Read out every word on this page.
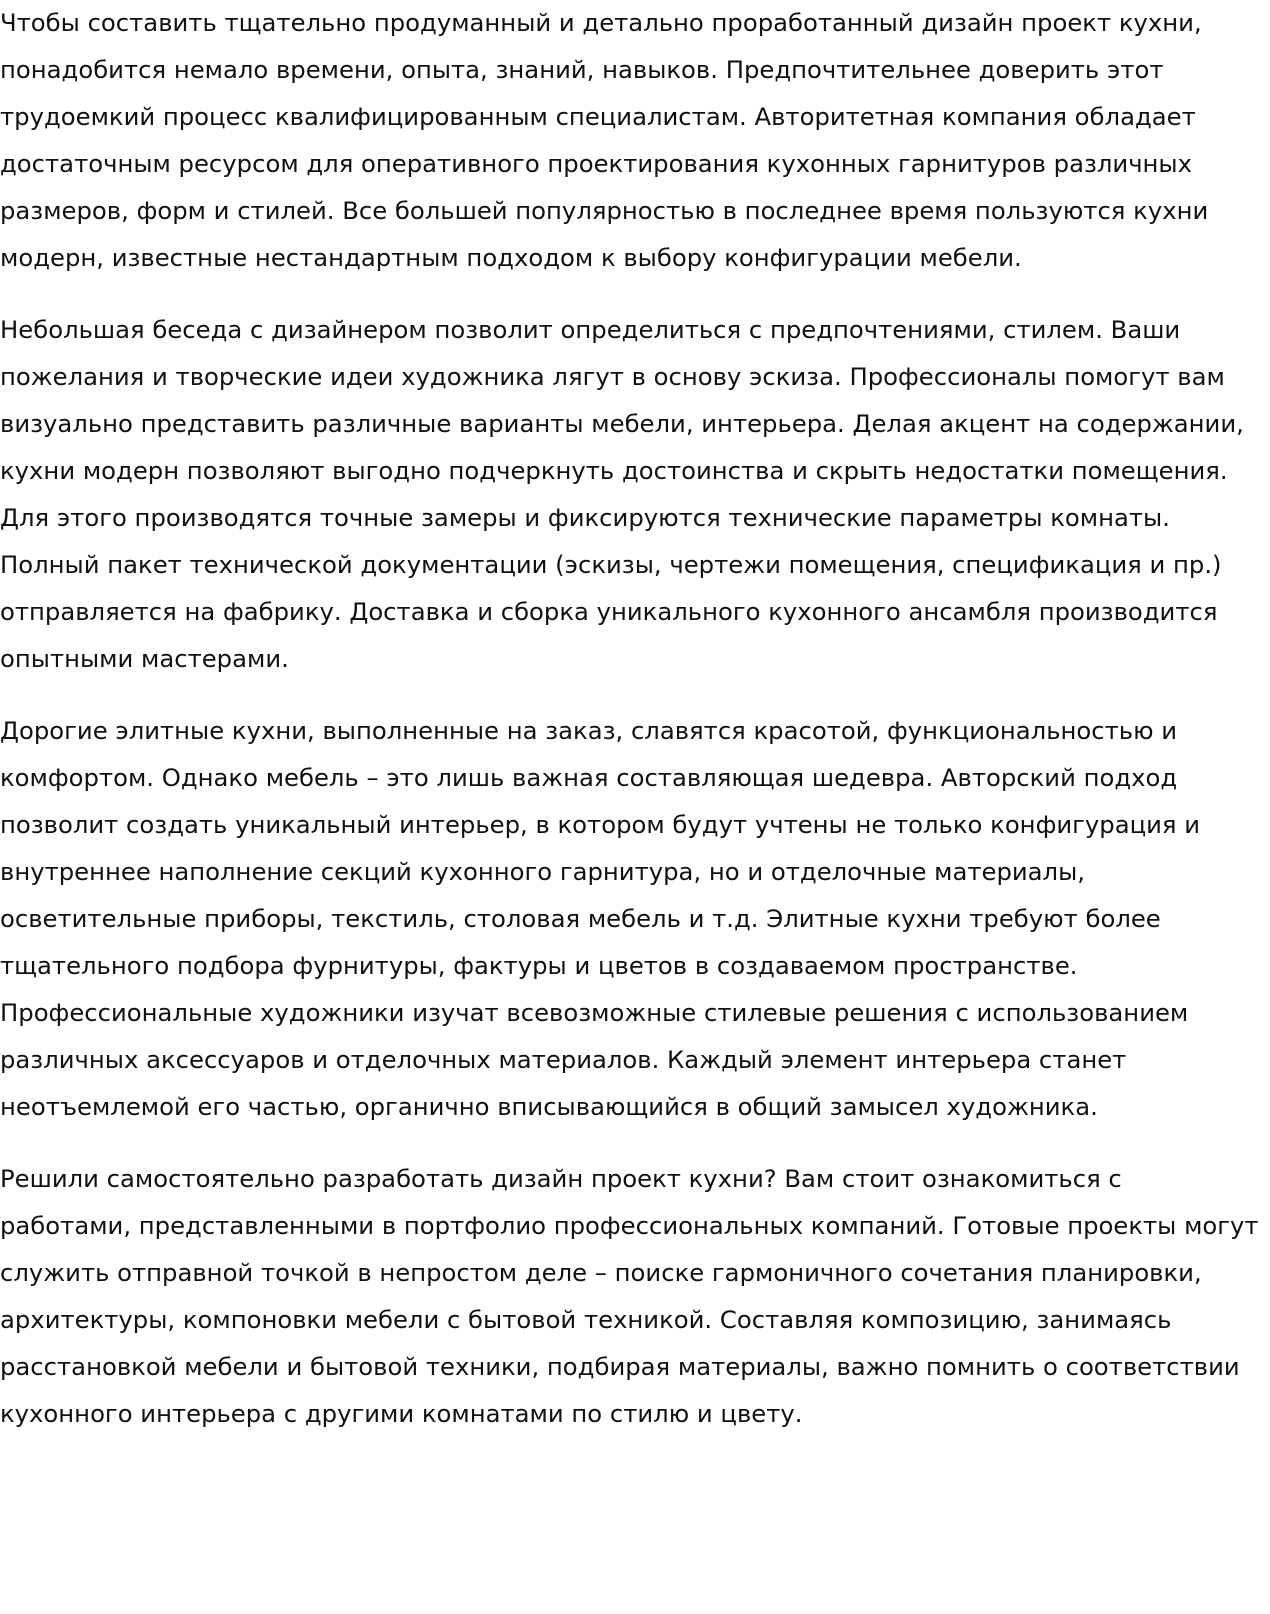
Чтобы составить тщательно продуманный и детально проработанный дизайн проект кухни, понадобится немало времени, опыта, знаний, навыков. Предпочтительнее доверить этот трудоемкий процесс квалифицированным специалистам. Авторитетная компания обладает достаточным ресурсом для оперативного проектирования кухонных гарнитуров различных размеров, форм и стилей. Все большей популярностью в последнее время пользуются кухни модерн, известные нестандартным подходом к выбору конфигурации мебели.

Небольшая беседа с дизайнером позволит определиться с предпочтениями, стилем. Ваши пожелания и творческие идеи художника лягут в основу эскиза. Профессионалы помогут вам визуально представить различные варианты мебели, интерьера. Делая акцент на содержании, кухни модерн позволяют выгодно подчеркнуть достоинства и скрыть недостатки помещения. Для этого производятся точные замеры и фиксируются технические параметры комнаты. Полный пакет технической документации (эскизы, чертежи помещения, спецификация и пр.) отправляется на фабрику. Доставка и сборка уникального кухонного ансамбля производится опытными мастерами.

Дорогие элитные кухни, выполненные на заказ, славятся красотой, функциональностью и комфортом. Однако мебель – это лишь важная составляющая шедевра. Авторский подход позволит создать уникальный интерьер, в котором будут учтены не только конфигурация и внутреннее наполнение секций кухонного гарнитура, но и отделочные материалы, осветительные приборы, текстиль, столовая мебель и т.д. Элитные кухни требуют более тщательного подбора фурнитуры, фактуры и цветов в создаваемом пространстве. Профессиональные художники изучат всевозможные стилевые решения с использованием различных аксессуаров и отделочных материалов. Каждый элемент интерьера станет неотъемлемой его частью, органично вписывающийся в общий замысел художника.

Решили самостоятельно разработать дизайн проект кухни? Вам стоит ознакомиться с работами, представленными в портфолио профессиональных компаний. Готовые проекты могут служить отправной точкой в непростом деле – поиске гармоничного сочетания планировки, архитектуры, компоновки мебели с бытовой техникой. Составляя композицию, занимаясь расстановкой мебели и бытовой техники, подбирая материалы, важно помнить о соответствии кухонного интерьера с другими комнатами по стилю и цвету.
